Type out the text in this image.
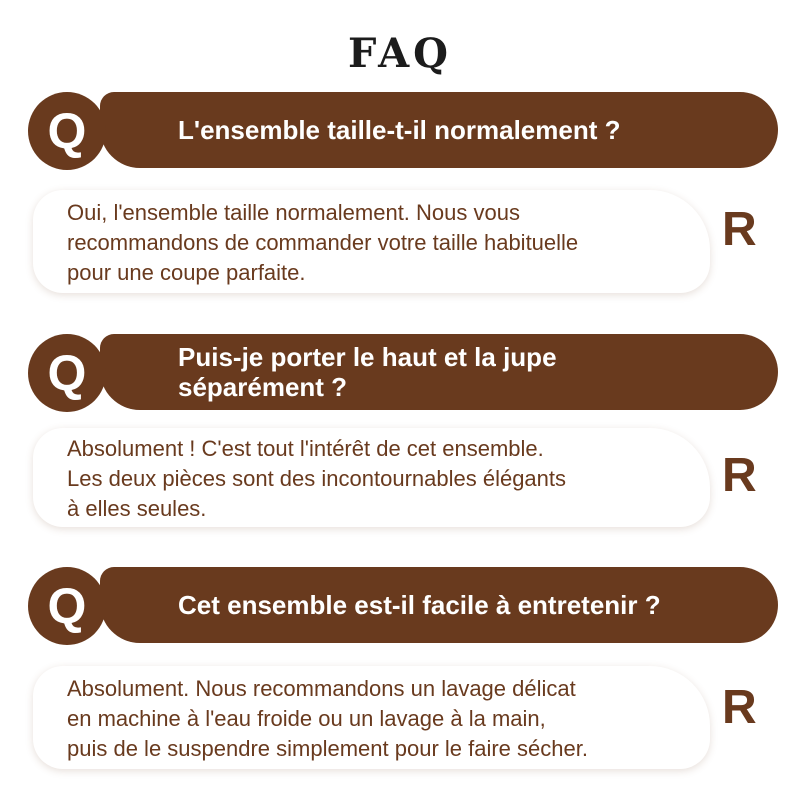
FAQ
Q	L'ensemble taille-t-il normalement ?
Oui, l'ensemble taille normalement. Nous vous
recommandons de commander votre taille habituelle
pour une coupe parfaite.
R
Q	Puis-je porter le haut et la jupe
séparément ?
Absolument ! C'est tout l'intérêt de cet ensemble.
Les deux pièces sont des incontournables élégants
à elles seules.
R
Q	Cet ensemble est-il facile à entretenir ?
Absolument. Nous recommandons un lavage délicat
en machine à l'eau froide ou un lavage à la main,
puis de le suspendre simplement pour le faire sécher.
R
